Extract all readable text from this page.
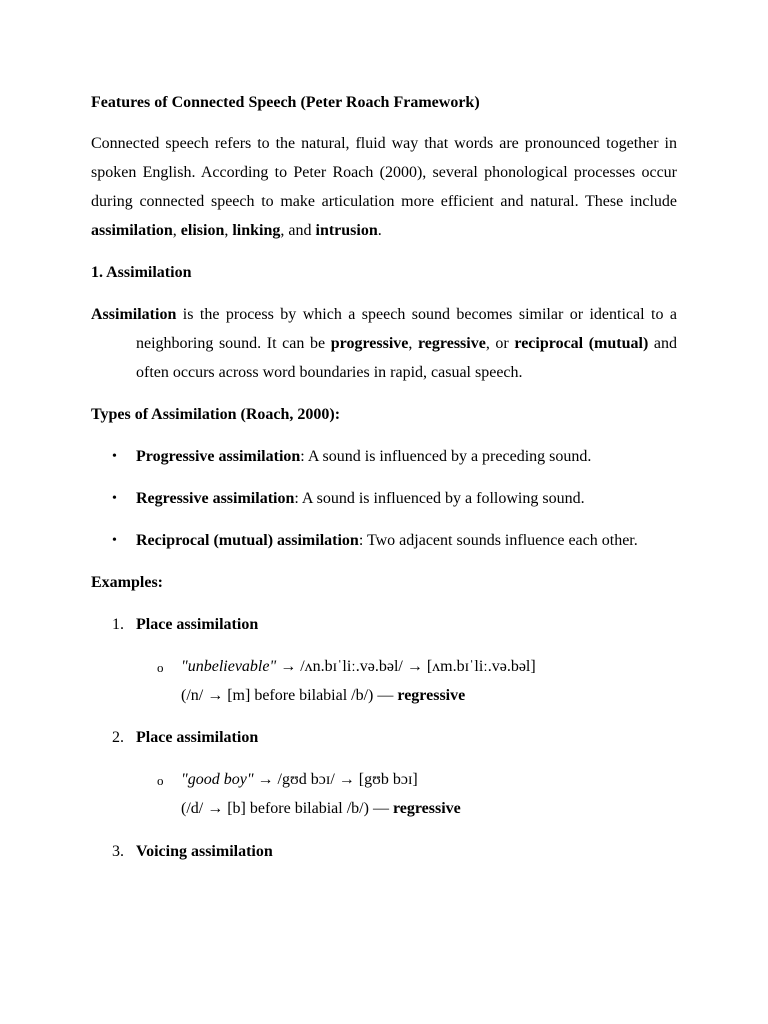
Features of Connected Speech (Peter Roach Framework)
Connected speech refers to the natural, fluid way that words are pronounced together in
spoken English. According to Peter Roach (2000), several phonological processes occur
during connected speech to make articulation more efficient and natural. These include
assimilation, elision, linking, and intrusion.
1. Assimilation
Assimilation is the process by which a speech sound becomes similar or identical to a
neighboring sound. It can be progressive, regressive, or reciprocal (mutual) and
often occurs across word boundaries in rapid, casual speech.
Types of Assimilation (Roach, 2000):
• Progressive assimilation: A sound is influenced by a preceding sound.
• Regressive assimilation: A sound is influenced by a following sound.
• Reciprocal (mutual) assimilation: Two adjacent sounds influence each other.
Examples:
1. Place assimilation
o "unbelievable" → /ʌn.bɪˈliː.və.bəl/ → [ʌm.bɪˈliː.və.bəl]
(/n/ → [m] before bilabial /b/) — regressive
2. Place assimilation
o "good boy" → /gʊd bɔɪ/ → [gʊb bɔɪ]
(/d/ → [b] before bilabial /b/) — regressive
3. Voicing assimilation
